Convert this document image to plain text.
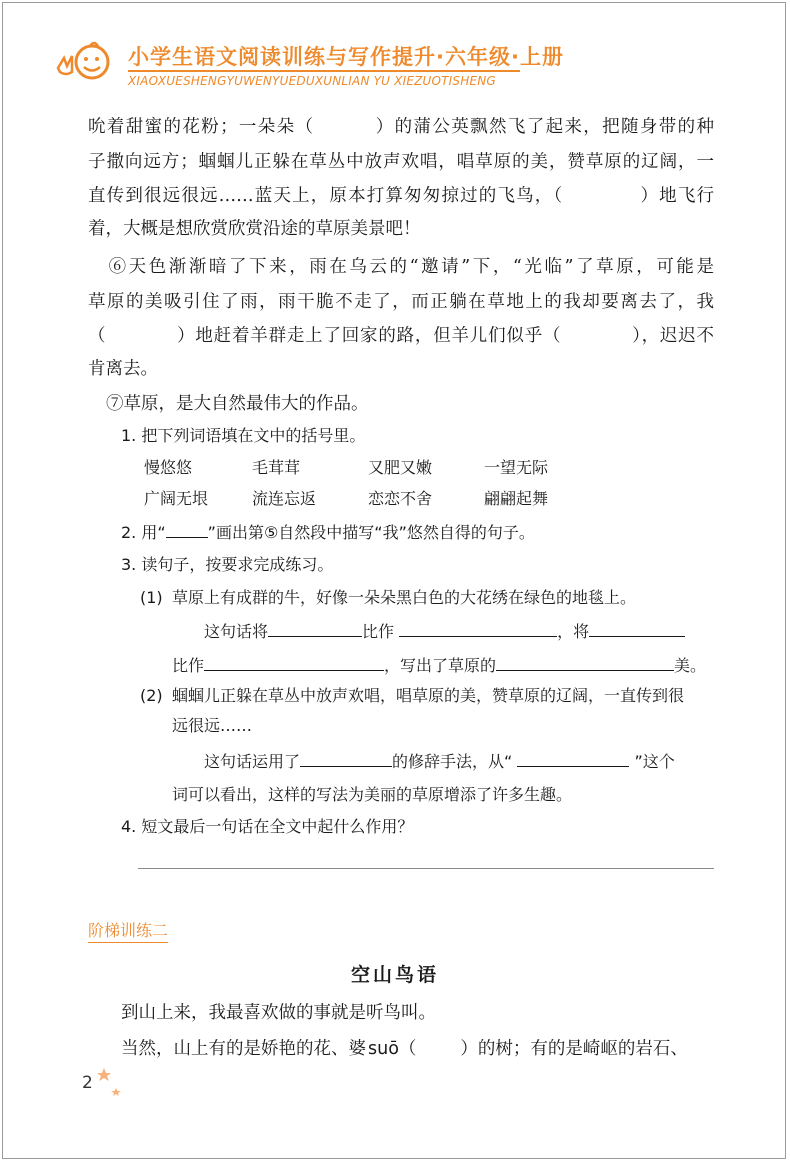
小学生语文阅读训练与写作提升·六年级·上册
XIAOXUESHENGYUWENYUEDUXUNLIAN YU XIEZUOTISHENG
吮着甜蜜的花粉；一朵朵（	）的蒲公英飘然飞了起来，把随身带的种
子撒向远方；蝈蝈儿正躲在草丛中放声欢唱，唱草原的美，赞草原的辽阔，一
直传到很远很远……蓝天上，原本打算匆匆掠过的飞鸟，（	）地飞行
着，大概是想欣赏欣赏沿途的草原美景吧！
⑥天色渐渐暗了下来，雨在乌云的“邀请”下，“光临”了草原，可能是
草原的美吸引住了雨，雨干脆不走了，而正躺在草地上的我却要离去了，我
（	）地赶着羊群走上了回家的路，但羊儿们似乎（	），迟迟不
肯离去。
⑦草原，是大自然最伟大的作品。
1. 把下列词语填在文中的括号里。
慢悠悠	毛茸茸	又肥又嫩	一望无际
广阔无垠	流连忘返	恋恋不舍	翩翩起舞
2. 用“	”画出第⑤自然段中描写“我”悠然自得的句子。
3. 读句子，按要求完成练习。
(1) 草原上有成群的牛，好像一朵朵黑白色的大花绣在绿色的地毯上。
这句话将	比作	，将
比作	，写出了草原的	美。
(2) 蝈蝈儿正躲在草丛中放声欢唱，唱草原的美，赞草原的辽阔，一直传到很
远很远……
这句话运用了	的修辞手法，从“	”这个
词可以看出，这样的写法为美丽的草原增添了许多生趣。
4. 短文最后一句话在全文中起什么作用？
阶梯训练二
空山鸟语
到山上来，我最喜欢做的事就是听鸟叫。
当然，山上有的是娇艳的花、婆 suō（	）的树；有的是崎岖的岩石、
2
